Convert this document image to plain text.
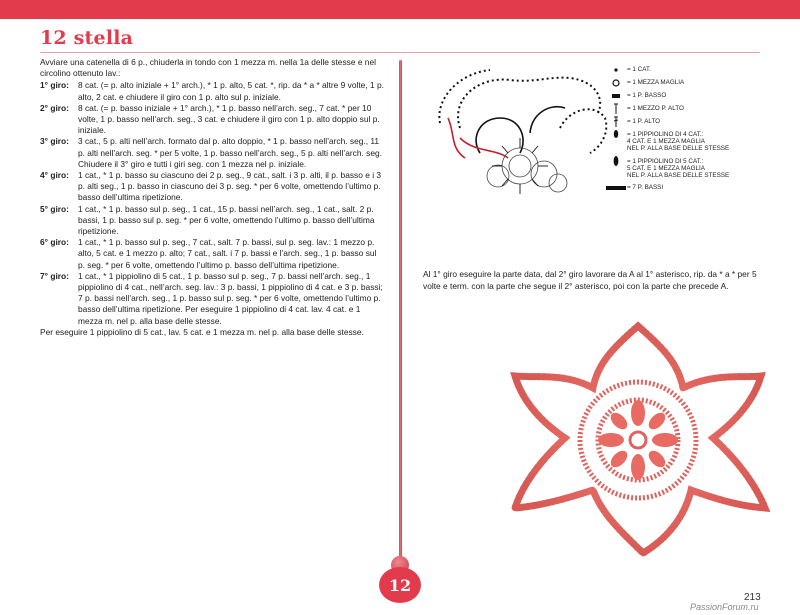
12 stella

Avviare una catenella di 6 p., chiuderla in tondo con 1 mezza m. nella 1a delle stesse e nel circolino ottenuto lav.:

1° giro:	8 cat. (= p. alto iniziale + 1° arch.), * 1 p. alto, 5 cat. *, rip. da * a * altre 9 volte, 1 p. alto, 2 cat. e chiudere il giro con 1 p. alto sul p. iniziale.
2° giro:	8 cat. (= p. basso iniziale + 1° arch.), * 1 p. basso nell’arch. seg., 7 cat. * per 10 volte, 1 p. basso nell’arch. seg., 3 cat. e chiudere il giro con 1 p. alto doppio sul p. iniziale.
3° giro:	3 cat., 5 p. alti nell’arch. formato dal p. alto doppio, * 1 p. basso nell’arch. seg., 11 p. alti nell’arch. seg. * per 5 volte, 1 p. basso nell’arch. seg., 5 p. alti nell’arch. seg. Chiudere il 3° giro e tutti i giri seg. con 1 mezza nel p. iniziale.
4° giro:	1 cat., * 1 p. basso su ciascuno dei 2 p. seg., 9 cat., salt. i 3 p. alti, il p. basso e i 3 p. alti seg., 1 p. basso in ciascuno dei 3 p. seg. * per 6 volte, omettendo l’ultimo p. basso dell’ultima ripetizione.
5° giro:	1 cat., * 1 p. basso sul p. seg., 1 cat., 15 p. bassi nell’arch. seg., 1 cat., salt. 2 p. bassi, 1 p. basso sul p. seg. * per 6 volte, omettendo l’ultimo p. basso dell’ultima ripetizione.
6° giro:	1 cat., * 1 p. basso sul p. seg., 7 cat., salt. 7 p. bassi, sul p. seg. lav.: 1 mezzo p. alto, 5 cat. e 1 mezzo p. alto; 7 cat., salt. i 7 p. bassi e l’arch. seg., 1 p. basso sul p. seg. * per 6 volte, omettendo l’ultimo p. basso dell’ultima ripetizione.
7° giro:	1 cat., * 1 pippiolino di 5 cat., 1 p. basso sul p. seg., 7 p. bassi nell’arch. seg., 1 pippiolino di 4 cat., nell’arch. seg. lav.: 3 p. bassi, 1 pippiolino di 4 cat. e 3 p. bassi; 7 p. bassi nell’arch. seg., 1 p. basso sul p. seg. * per 6 volte, omettendo l’ultimo p. basso dell’ultima ripetizione. Per eseguire 1 pippiolino di 4 cat. lav. 4 cat. e 1 mezza m. nel p. alla base delle stesse.

Per eseguire 1 pippiolino di 5 cat., lav. 5 cat. e 1 mezza m. nel p. alla base delle stesse.

= 1 CAT.
= 1 MEZZA MAGLIA
= 1 P. BASSO
= 1 MEZZO P. ALTO
= 1 P. ALTO
= 1 PIPPIOLINO DI 4 CAT.:
4 CAT. E 1 MEZZA MAGLIA
NEL P. ALLA BASE DELLE STESSE
= 1 PIPPIOLINO DI 5 CAT.:
5 CAT. E 1 MEZZA MAGLIA
NEL P. ALLA BASE DELLE STESSE
= 7 P. BASSI

Al 1° giro eseguire la parte data, dal 2° giro lavorare da A al 1° asterisco, rip. da * a * per 5 volte e term. con la parte che segue il 2° asterisco, poi con la parte che precede A.

12
213
PassionForum.ru
